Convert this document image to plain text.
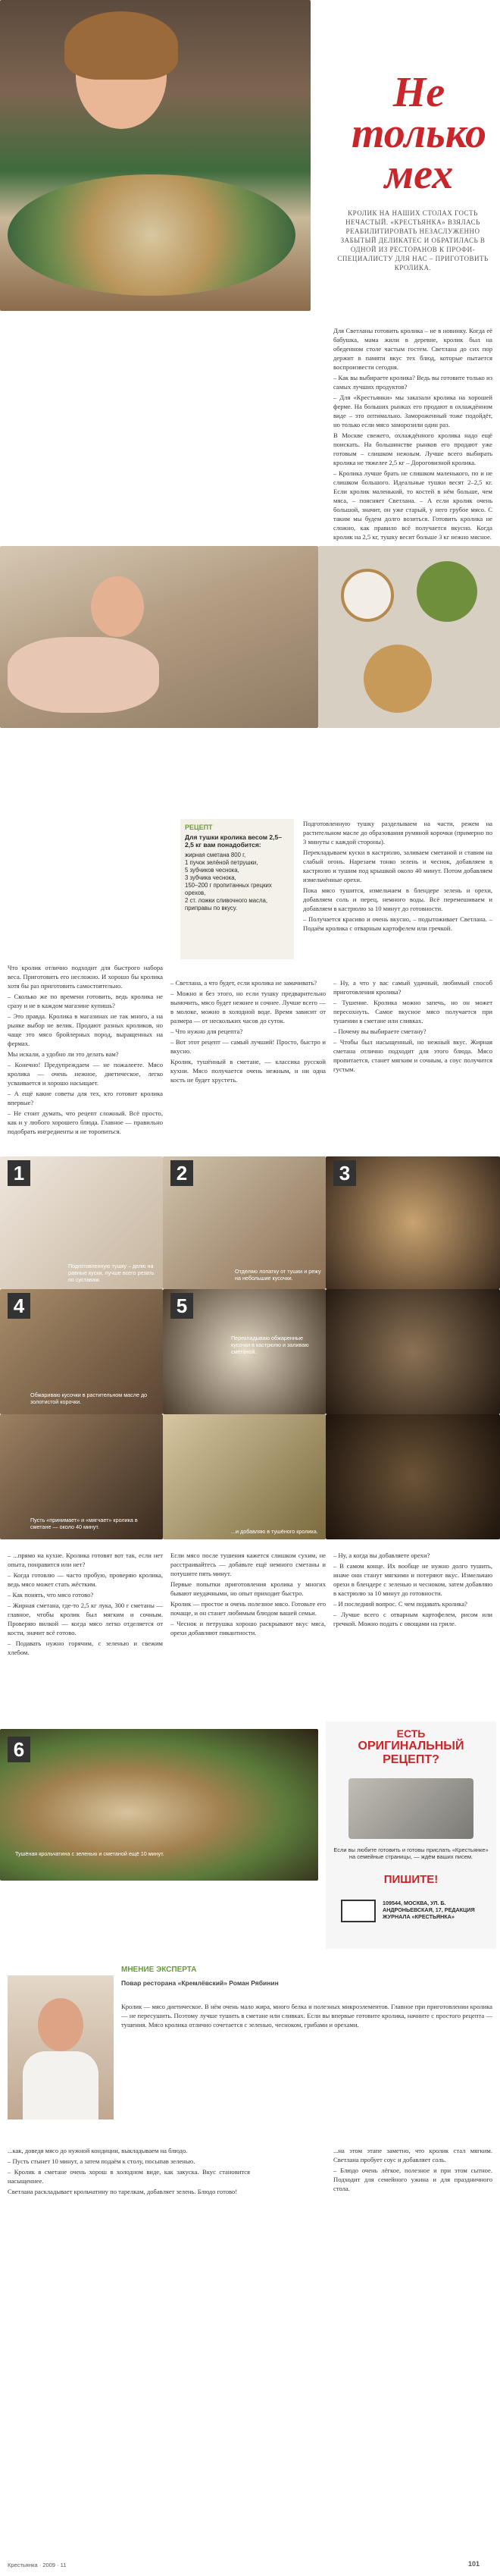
Не
только
мех
КРОЛИК НА НАШИХ СТОЛАХ ГОСТЬ НЕЧАСТЫЙ. «КРЕСТЬЯНКА» ВЗЯЛАСЬ РЕАБИЛИТИРОВАТЬ НЕЗАСЛУЖЕННО ЗАБЫТЫЙ ДЕЛИКАТЕС И ОБРАТИЛАСЬ В ОДНОЙ ИЗ РЕСТОРАНОВ К ПРОФИ-СПЕЦИАЛИСТУ ДЛЯ НАС – ПРИГОТОВИТЬ КРОЛИКА.

Для Светланы готовить кролика – не в новинку. Когда её бабушка, мама жили в деревне, кролик был на обеденном столе частым гостем. Светлана до сих пор держит в памяти вкус тех блюд, которые пытается воспроизвести сегодня.

– Как вы выбираете кролика? Ведь вы готовите только из самых лучших продуктов?

– Для «Крестьянки» мы заказали кролика на хорошей ферме. На больших рынках его продают в охлаждённом виде – это оптимально. Замороженный тоже подойдёт, но только если мясо заморозили один раз.

В Москве свежего, охлаждённого кролика надо ещё поискать. На большинстве рынков его продают уже готовым – слишком нежным. Лучше всего выбирать кролика не тяжелее 2,5 кг – Дороговизной кролика.

– Кролика лучше брать не слишком маленького, по и не слишком большого. Идеальные тушки весят 2–2,5 кг. Если кролик маленький, то костей в нём больше, чем мяса, – поясняет Светлана. – А если кролик очень большой, значит, он уже старый, у него грубое мясо. С таким мы будем долго возиться. Готовить кролика не сложно, как правило всё получается вкусно. Когда кролик на 2,5 кг, тушку весит больше 3 кг нежно мясное.

РЕЦЕПТ
Для тушки кролика весом 2,5–2,5 кг вам понадобится:
жирная сметана 800 г,
1 пучок зелёной петрушки,
5 зубчиков чеснока,
3 зубчика чеснока,
150–200 г пропитанных грецких орехов,
2 ст. ложки сливочного масла,
приправы по вкусу.

Подготовленную тушку разделываем на части, режем на растительном масле до образования румяной корочки (примерно по 3 минуты с каждой стороны).

Перекладываем куски в кастрюлю, заливаем сметаной и ставим на слабый огонь. Нарезаем тонко зелень и чеснок, добавляем в кастрюлю и тушим под крышкой около 40 минут. Потом добавляем измельчённые орехи.

Пока мясо тушится, измельчаем в блендере зелень и орехи, добавляем соль и перец, немного воды. Всё перемешиваем и добавляем в кастрюлю за 10 минут до готовности.

– Получается красиво и очень вкусно, – подытоживает Светлана. – Подаём кролика с отварным картофелем или гречкой.

Что кролик отлично подходит для быстрого набора веса. Приготовить его несложно. И хорошо бы кролика хотя бы раз приготовить самостоятельно.

– Сколько же по времени готовить, ведь кролика не сразу и не в каждом магазине купишь?

– Это правда. Кролика в магазинах не так много, а на рынке выбор не велик. Продают разных кроликов, но чаще это мясо бройлерных пород, выращенных на фермах.

Мы искали, а удобно ли это делать вам?

– Конечно! Предупреждаем — не пожалеете. Мясо кролика — очень нежное, диетическое, легко усваивается и хорошо насыщает.

– А ещё какие советы для тех, кто готовит кролика впервые?

– Не стоит думать, что рецепт сложный. Всё просто, как и у любого хорошего блюда. Главное — правильно подобрать ингредиенты и не торопиться.

– Светлана, а что будет, если кролика не замачивать?

– Можно и без этого, но если тушку предварительно вымочить, мясо будет нежнее и сочнее. Лучше всего — в молоке, можно в холодной воде. Время зависит от размера — от нескольких часов до суток.

– Что нужно для рецепта?

– Вот этот рецепт — самый лучший! Просто, быстро и вкусно.

Кролик, тушённый в сметане, — классика русской кухни. Мясо получается очень нежным, и ни одна кость не будет хрустеть.

– Ну, а что у вас самый удачный, любимый способ приготовления кролика?

– Тушение. Кролика можно запечь, но он может пересохнуть. Самое вкусное мясо получается при тушении в сметане или сливках.

– Почему вы выбираете сметану?

– Чтобы был насыщенный, но нежный вкус. Жирная сметана отлично подходит для этого блюда. Мясо пропитается, станет мягким и сочным, а соус получится густым.

1
Подготовленную тушку – делю на равные куски, лучше всего резать по суставам.
2
Отделяю лопатку от тушки и режу на небольшие кусочки.
3
4
Обжариваю кусочки в растительном масле до золотистой корочки.
5
Перекладываю обжаренные кусочки в кастрюлю и заливаю сметаной.
Пусть «принимает» и «мягчает» кролика в сметане — около 40 минут.
...и добавляю в тушёного кролика.

– ...прямо на кухне. Кролика готовят вот так, если нет опыта, понравится или нет?

– Когда готовлю — часто пробую, проверяю кролика, ведь мясо может стать жёстким.

– Как понять, что мясо готово?

– Жирная сметана, где-то 2,5 кг лука, 300 г сметаны — главное, чтобы кролик был мягким и сочным. Проверяю вилкой — когда мясо легко отделяется от кости, значит всё готово.

– Подавать нужно горячим, с зеленью и свежим хлебом.

Если мясо после тушения кажется слишком сухим, не расстраивайтесь — добавьте ещё немного сметаны и потушите пять минут.

Первые попытки приготовления кролика у многих бывают неудачными, но опыт приходит быстро.

Кролик — простое и очень полезное мясо. Готовьте его почаще, и он станет любимым блюдом вашей семьи.

– Чеснок и петрушка хорошо раскрывают вкус мяса, орехи добавляют пикантности.

– Ну, а когда вы добавляете орехи?

– В самом конце. Их вообще не нужно долго тушить, иначе они станут мягкими и потеряют вкус. Измельчаю орехи в блендере с зеленью и чесноком, затем добавляю в кастрюлю за 10 минут до готовности.

– И последний вопрос. С чем подавать кролика?

– Лучше всего с отварным картофелем, рисом или гречкой. Можно подать с овощами на гриле.

6
Тушёная крольчатина с зеленью и сметаной ещё 10 минут.
ЕСТЬ
ОРИГИНАЛЬНЫЙ
РЕЦЕПТ?
Если вы любите готовить и готовы прислать «Крестьянке» на семейные страницы, — ждём ваших писем.
ПИШИТЕ!
109544, МОСКВА, УЛ. Б. АНДРОНЬЕВСКАЯ, 17, РЕДАКЦИЯ ЖУРНАЛА «КРЕСТЬЯНКА»
МНЕНИЕ ЭКСПЕРТА
Повар ресторана «Кремлёвский» Роман Рябинин
Кролик — мясо диетическое. В нём очень мало жира, много белка и полезных микроэлементов. Главное при приготовлении кролика — не пересушить. Поэтому лучше тушить в сметане или сливках. Если вы впервые готовите кролика, начните с простого рецепта — тушения. Мясо кролика отлично сочетается с зеленью, чесноком, грибами и орехами.

...как, доведя мясо до нужной кондиции, выкладываем на блюдо.

– Пусть стынет 10 минут, а затем подаём к столу, посыпав зеленью.

– Кролик в сметане очень хорош в холодном виде, как закуска. Вкус становится насыщеннее.

Светлана раскладывает крольчатину по тарелкам, добавляет зелень. Блюдо готово!

...на этом этапе заметно, что кролик стал мягким. Светлана пробует соус и добавляет соль.

– Блюдо очень лёгкое, полезное и при этом сытное. Подходит для семейного ужина и для праздничного стола.

Крестьянка · 2009 · 11	101
